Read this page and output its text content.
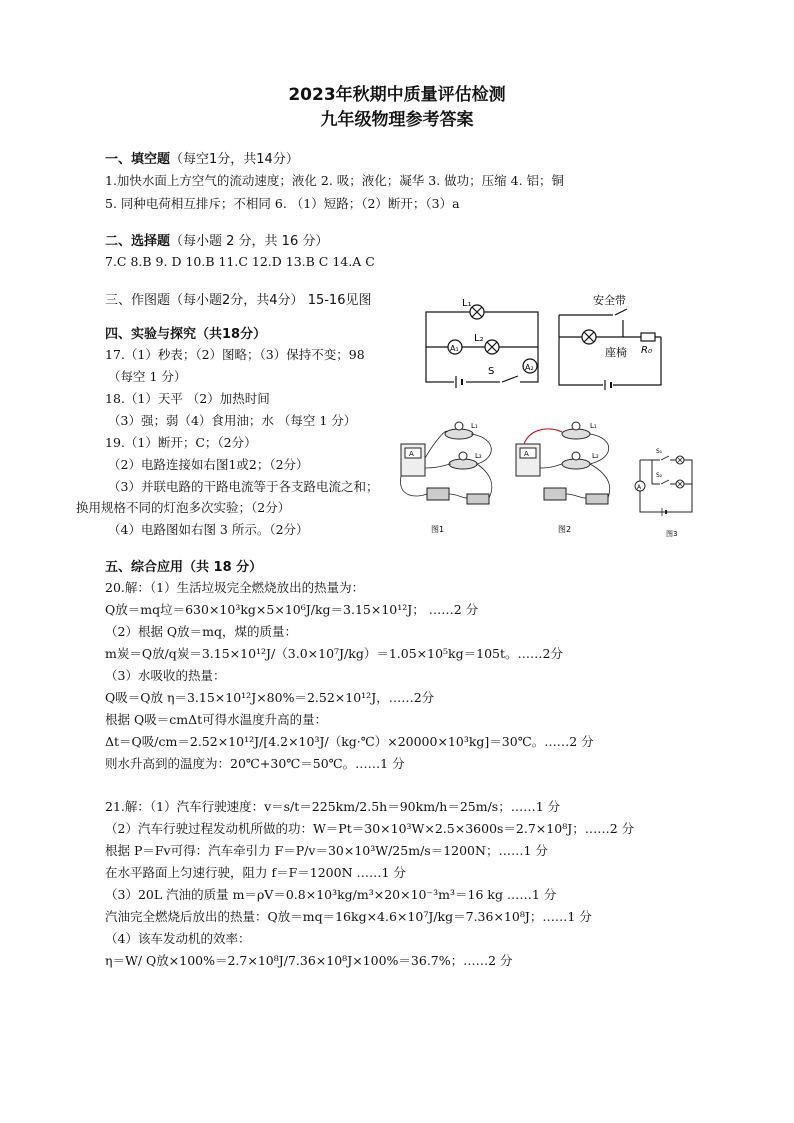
2023年秋期中质量评估检测
九年级物理参考答案
一、填空题（每空1分，共14分）
1.加快水面上方空气的流动速度；液化 2. 吸；液化；凝华 3. 做功；压缩 4. 铝；铜
5. 同种电荷相互排斥；不相同 6. （1）短路；（2）断开；（3）a
二、选择题（每小题 2 分，共 16 分）
7.C 8.B 9. D 10.B 11.C 12.D 13.B C 14.A C
三、作图题（每小题2分，共4分） 15-16见图
四、实验与探究（共18分）
17.（1）秒表；（2）图略；（3）保持不变；98
（每空 1 分）
18.（1）天平 （2）加热时间
（3）强；弱（4）食用油；水 （每空 1 分）
19.（1）断开；C；（2分）
（2）电路连接如右图1或2；（2分）
（3）并联电路的干路电流等于各支路电流之和；
换用规格不同的灯泡多次实验；（2分）
（4）电路图如右图 3 所示。（2分）
五、综合应用（共 18 分）
20.解：（1）生活垃圾完全燃烧放出的热量为：
Q放＝mq垃＝630×10³kg×5×10⁶J/kg＝3.15×10¹²J； ……2 分
（2）根据 Q放＝mq，煤的质量：
m炭＝Q放/q炭＝3.15×10¹²J/（3.0×10⁷J/kg）＝1.05×10⁵kg＝105t。……2分
（3）水吸收的热量：
Q吸＝Q放 η＝3.15×10¹²J×80%＝2.52×10¹²J，……2分
根据 Q吸＝cmΔt可得水温度升高的量：
Δt＝Q吸/cm＝2.52×10¹²J/[4.2×10³J/（kg·℃）×20000×10³kg]＝30℃。……2 分
则水升高到的温度为：20℃+30℃＝50℃。……1 分
21.解：（1）汽车行驶速度：v＝s/t＝225km/2.5h＝90km/h＝25m/s；……1 分
（2）汽车行驶过程发动机所做的功：W＝Pt＝30×10³W×2.5×3600s＝2.7×10⁸J；……2 分
根据 P＝Fv可得：汽车牵引力 F＝P/v＝30×10³W/25m/s＝1200N；……1 分
在水平路面上匀速行驶，阻力 f＝F＝1200N ……1 分
（3）20L 汽油的质量 m＝ρV＝0.8×10³kg/m³×20×10⁻³m³＝16 kg ……1 分
汽油完全燃烧后放出的热量：Q放＝mq＝16kg×4.6×10⁷J/kg＝7.36×10⁸J；……1 分
（4）该车发动机的效率：
η＝W/ Q放×100%＝2.7×10⁸J/7.36×10⁸J×100%＝36.7%；……2 分
L₁
L₂
A₁
A₂
S
安全带
座椅 R₀
A
L₁
L₂
图1
A
L₁
L₂
图2
A
S₁
S₂
图3
